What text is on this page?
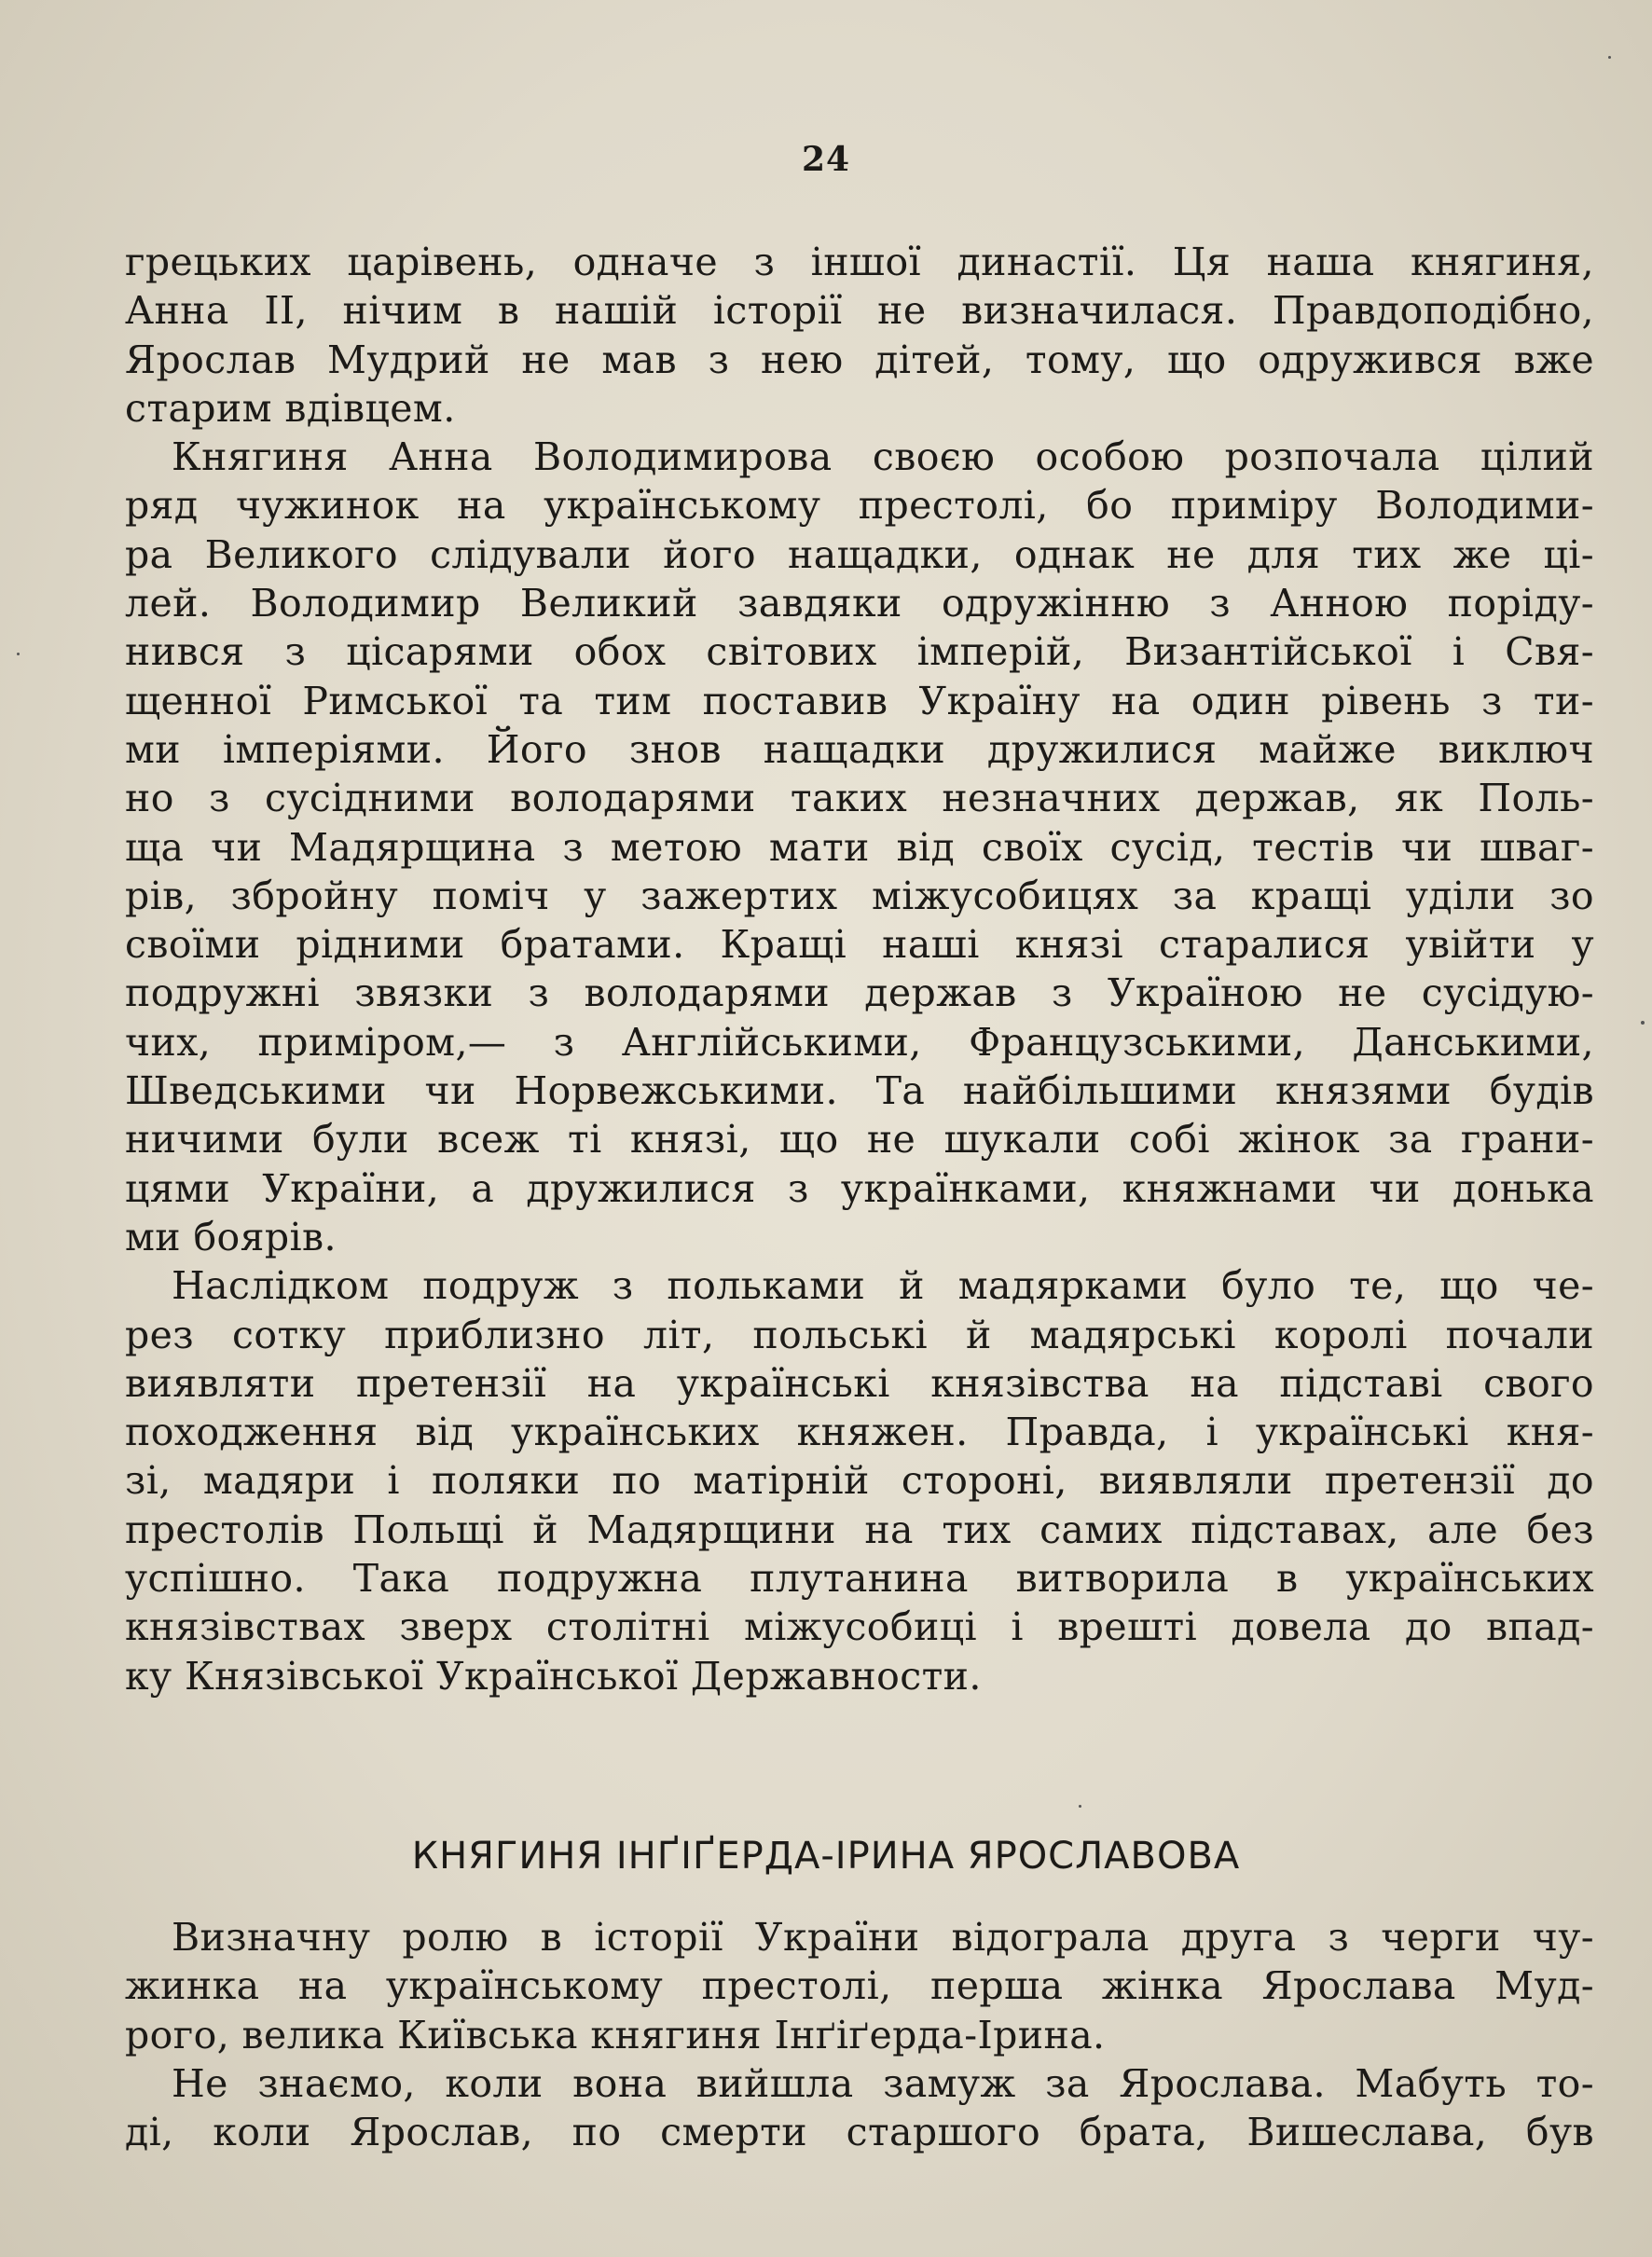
24
грецьких царівень, одначе з іншої династії. Ця наша княгиня,
Анна II, нічим в нашій історії не визначилася. Правдоподібно,
Ярослав Мудрий не мав з нею дітей, тому, що одружився вже
старим вдівцем.
Княгиня Анна Володимирова своєю особою розпочала цілий
ряд чужинок на українському престолі, бо приміру Володими-
ра Великого слідували його нащадки, однак не для тих же ці-
лей. Володимир Великий завдяки одружінню з Анною поріду-
нився з цісарями обох світових імперій, Византійської і Свя-
щенної Римської та тим поставив Україну на один рівень з ти-
ми імперіями. Його знов нащадки дружилися майже виключ
но з сусідними володарями таких незначних держав, як Поль-
ща чи Мадярщина з метою мати від своїх сусід, тестів чи шваг-
рів, збройну поміч у зажертих міжусобицях за кращі уділи зо
своїми рідними братами. Кращі наші князі старалися увійти у
подружні звязки з володарями держав з Україною не сусідую-
чих, приміром,— з Англійськими, Французськими, Данськими,
Шведськими чи Норвежськими. Та найбільшими князями будів
ничими були всеж ті князі, що не шукали собі жінок за грани-
цями України, а дружилися з українками, княжнами чи донька
ми боярів.
Наслідком подруж з польками й мадярками було те, що че-
рез сотку приблизно літ, польські й мадярські королі почали
виявляти претензії на українські князівства на підставі свого
походження від українських княжен. Правда, і українські кня-
зі, мадяри і поляки по матірній стороні, виявляли претензії до
престолів Польщі й Мадярщини на тих самих підставах, але без
успішно. Така подружна плутанина витворила в українських
князівствах зверх столітні міжусобиці і врешті довела до впад-
ку Князівської Української Державности.
КНЯГИНЯ ІНҐІҐЕРДА-ІРИНА ЯРОСЛАВОВА
Визначну ролю в історії України відограла друга з черги чу-
жинка на українському престолі, перша жінка Ярослава Муд-
рого, велика Київська княгиня Інґіґерда-Ірина.
Не знаємо, коли вона вийшла замуж за Ярослава. Мабуть то-
ді, коли Ярослав, по смерти старшого брата, Вишеслава, був
